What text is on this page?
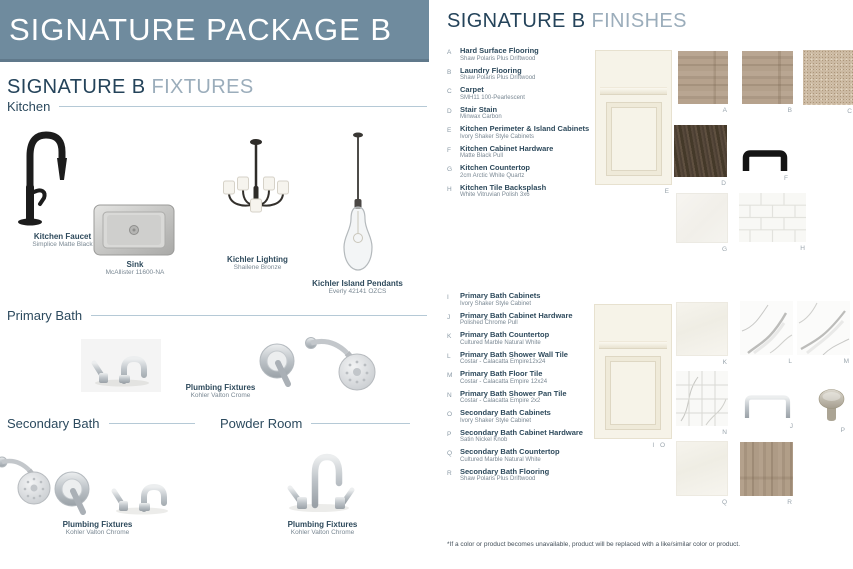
SIGNATURE PACKAGE B
SIGNATURE B FIXTURES
Kitchen
Kitchen Faucet
Simplice Matte Black
Sink
McAllister 11600-NA
Kichler Lighting
Shailene Bronze
Kichler Island Pendants
Everly 42141 OZCS
Primary Bath
Plumbing Fixtures
Kohler Valton Crome
Secondary Bath	Powder Room
Plumbing Fixtures
Kohler Valton Chrome
Plumbing Fixtures
Kohler Valton Chrome
SIGNATURE B FINISHES
A	Hard Surface Flooring
Shaw Polaris Plus Driftwood
B	Laundry Flooring
Shaw Polaris Plus Driftwood
C	Carpet
SMH11 100-Pearlescent
D	Stair Stain
Minwax Carbon
E	Kitchen Perimeter & Island Cabinets
Ivory Shaker Style Cabinets
F	Kitchen Cabinet Hardware
Matte Black Pull
G	Kitchen Countertop
2cm Arctic White Quartz
H	Kitchen Tile Backsplash
White Vitruvian Polish 3x6
I	Primary Bath Cabinets
Ivory Shaker Style Cabinet
J	Primary Bath Cabinet Hardware
Polished Chrome Pull
K	Primary Bath Countertop
Cultured Marble Natural White
L	Primary Bath Shower Wall Tile
Costar - Calacatta Empire12x24
M	Primary Bath Floor Tile
Costar - Calacatta Empire 12x24
N	Primary Bath Shower Pan Tile
Costar - Calacatta Empire 2x2
O	Secondary Bath Cabinets
Ivory Shaker Style Cabinet
P	Secondary Bath Cabinet Hardware
Satin Nickel Knob
Q	Secondary Bath Countertop
Cultured Marble Natural White
R	Secondary Bath Flooring
Shaw Polaris Plus Driftwood
E
A	B	C
D
F
G	H
I O
K	L	M
N
J
P
Q	R
*If a color or product becomes unavailable, product will be replaced with a like/similar color or product.
